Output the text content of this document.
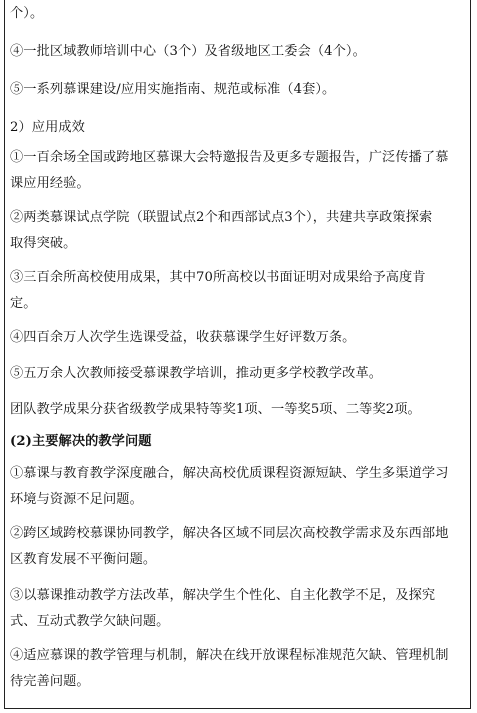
个）。
④一批区域教师培训中心（3个）及省级地区工委会（4个）。
⑤一系列慕课建设/应用实施指南、规范或标准（4套）。
2）应用成效
①一百余场全国或跨地区慕课大会特邀报告及更多专题报告，广泛传播了慕
课应用经验。
②两类慕课试点学院（联盟试点2个和西部试点3个），共建共享政策探索
取得突破。
③三百余所高校使用成果，其中70所高校以书面证明对成果给予高度肯
定。
④四百余万人次学生选课受益，收获慕课学生好评数万条。
⑤五万余人次教师接受慕课教学培训，推动更多学校教学改革。
团队教学成果分获省级教学成果特等奖1项、一等奖5项、二等奖2项。
(2)主要解决的教学问题
①慕课与教育教学深度融合，解决高校优质课程资源短缺、学生多渠道学习
环境与资源不足问题。
②跨区域跨校慕课协同教学，解决各区域不同层次高校教学需求及东西部地
区教育发展不平衡问题。
③以慕课推动教学方法改革，解决学生个性化、自主化教学不足，及探究
式、互动式教学欠缺问题。
④适应慕课的教学管理与机制，解决在线开放课程标准规范欠缺、管理机制
待完善问题。
